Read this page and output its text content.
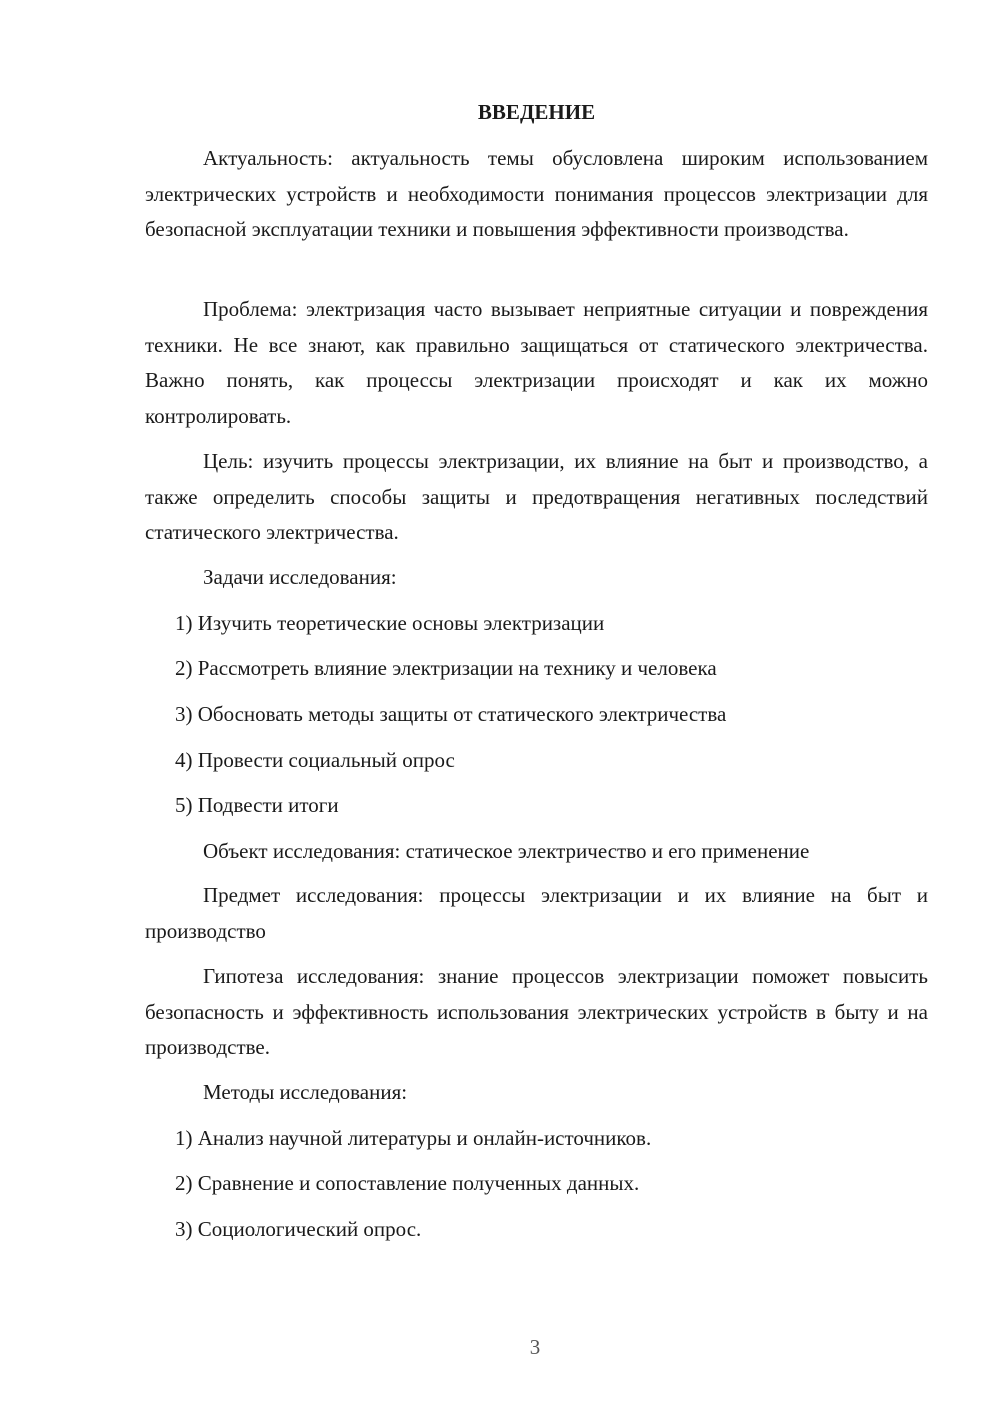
ВВЕДЕНИЕ

Актуальность: актуальность темы обусловлена широким использованием электрических устройств и необходимости понимания процессов электризации для безопасной эксплуатации техники и повышения эффективности производства.

Проблема: электризация часто вызывает неприятные ситуации и повреждения техники. Не все знают, как правильно защищаться от статического электричества. Важно понять, как процессы электризации происходят и как их можно контролировать.

Цель: изучить процессы электризации, их влияние на быт и производство, а также определить способы защиты и предотвращения негативных последствий статического электричества.

Задачи исследования:

1) Изучить теоретические основы электризации

2) Рассмотреть влияние электризации на технику и человека

3) Обосновать методы защиты от статического электричества

4) Провести социальный опрос

5) Подвести итоги

Объект исследования: статическое электричество и его применение

Предмет исследования: процессы электризации и их влияние на быт и производство

Гипотеза исследования: знание процессов электризации поможет повысить безопасность и эффективность использования электрических устройств в быту и на производстве.

Методы исследования:

1) Анализ научной литературы и онлайн-источников.

2) Сравнение и сопоставление полученных данных.

3) Социологический опрос.

3
